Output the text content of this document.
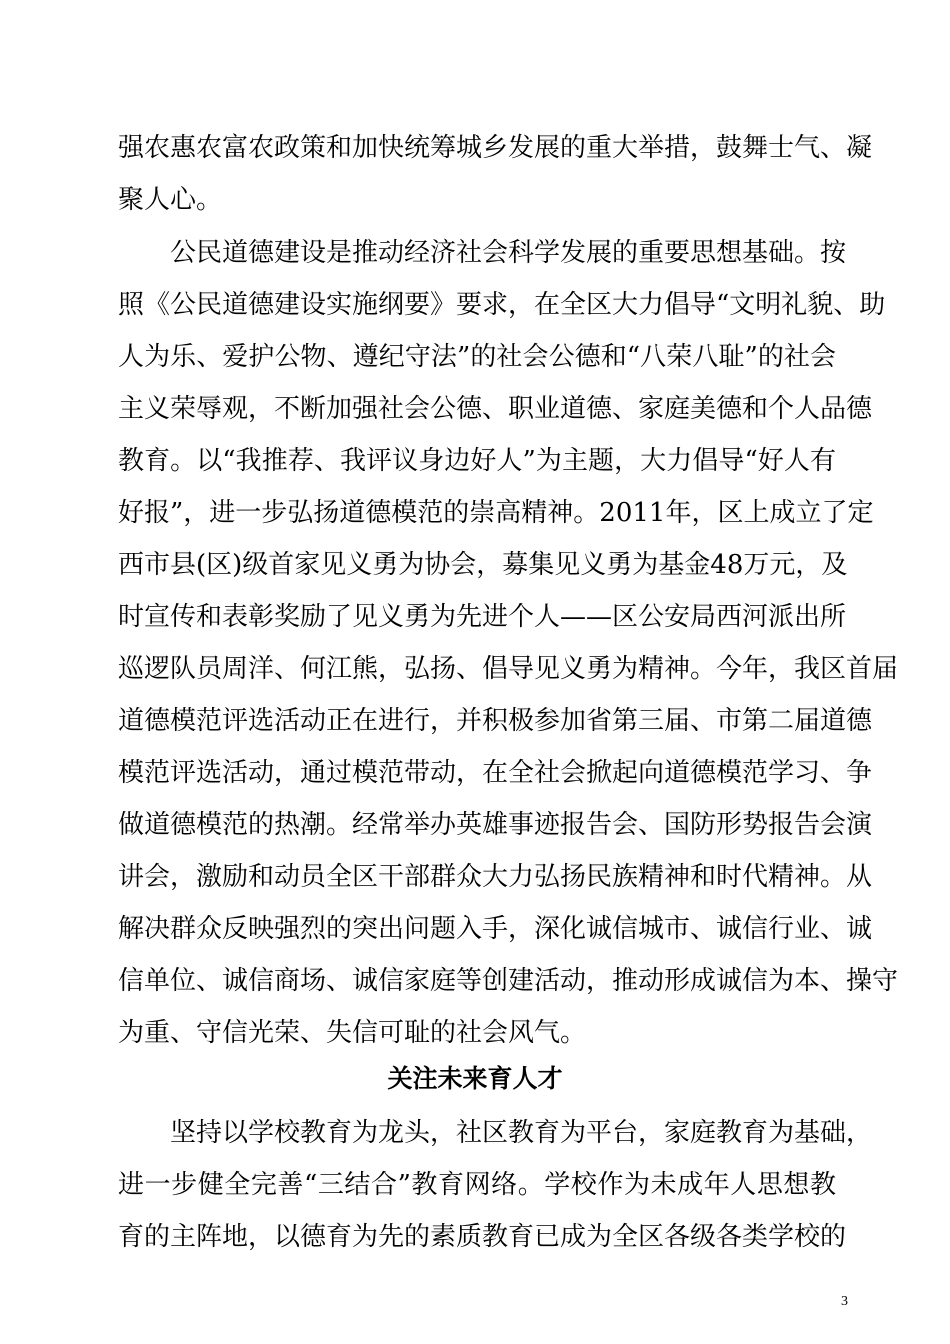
强农惠农富农政策和加快统筹城乡发展的重大举措，鼓舞士气、凝
聚人心。
公民道德建设是推动经济社会科学发展的重要思想基础。按
照《公民道德建设实施纲要》要求，在全区大力倡导“文明礼貌、助
人为乐、爱护公物、遵纪守法”的社会公德和“八荣八耻”的社会
主义荣辱观，不断加强社会公德、职业道德、家庭美德和个人品德
教育。以“我推荐、我评议身边好人”为主题，大力倡导“好人有
好报”，进一步弘扬道德模范的崇高精神。2011年，区上成立了定
西市县(区)级首家见义勇为协会，募集见义勇为基金48万元，及
时宣传和表彰奖励了见义勇为先进个人——区公安局西河派出所
巡逻队员周洋、何江熊，弘扬、倡导见义勇为精神。今年，我区首届
道德模范评选活动正在进行，并积极参加省第三届、市第二届道德
模范评选活动，通过模范带动，在全社会掀起向道德模范学习、争
做道德模范的热潮。经常举办英雄事迹报告会、国防形势报告会演
讲会，激励和动员全区干部群众大力弘扬民族精神和时代精神。从
解决群众反映强烈的突出问题入手，深化诚信城市、诚信行业、诚
信单位、诚信商场、诚信家庭等创建活动，推动形成诚信为本、操守
为重、守信光荣、失信可耻的社会风气。
关注未来育人才
坚持以学校教育为龙头，社区教育为平台，家庭教育为基础，
进一步健全完善“三结合”教育网络。学校作为未成年人思想教
育的主阵地，以德育为先的素质教育已成为全区各级各类学校的
3
